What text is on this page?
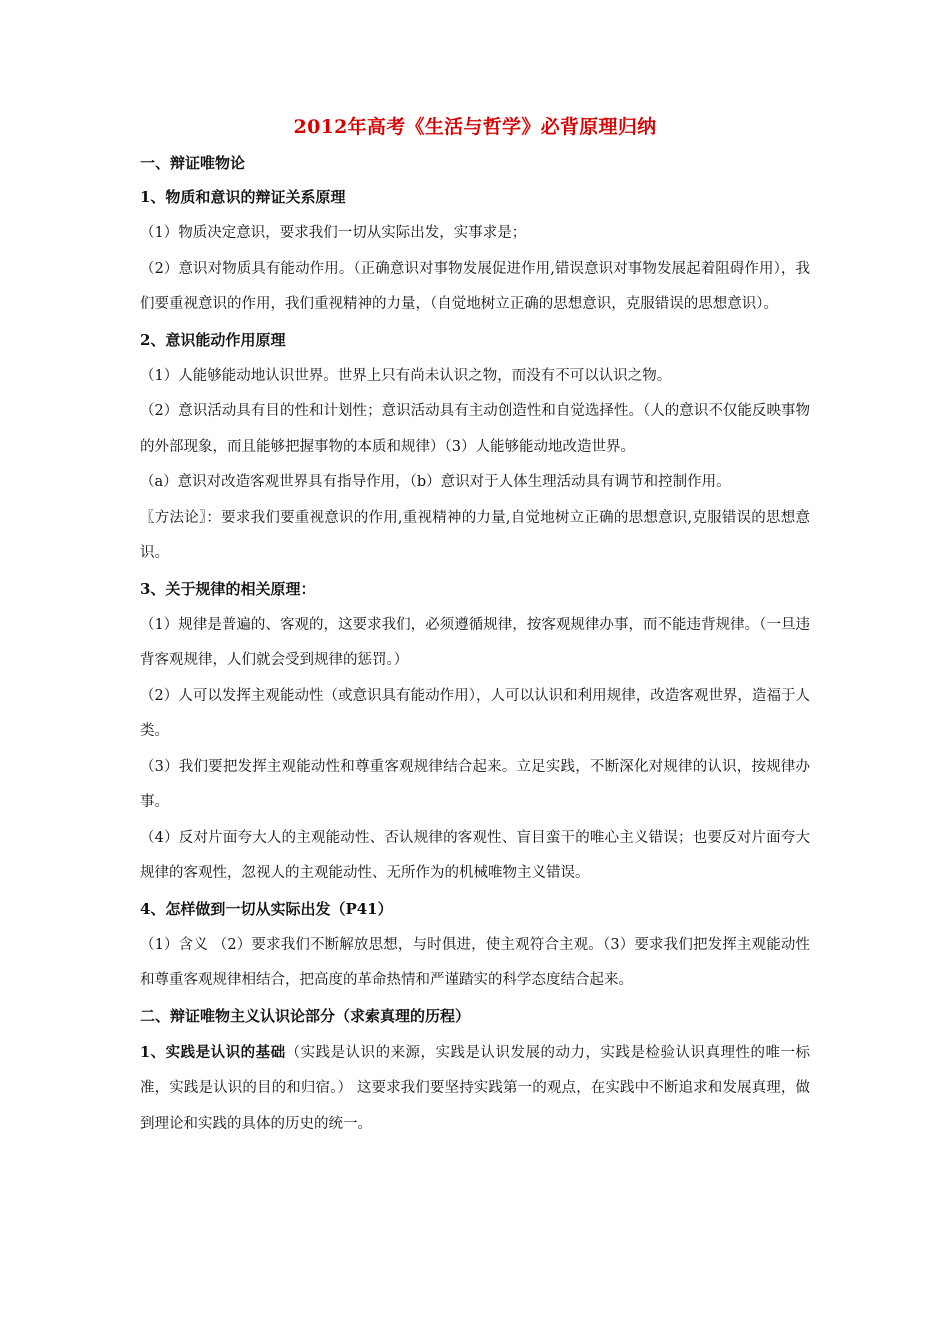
2012年高考《生活与哲学》必背原理归纳
一、辩证唯物论
1、物质和意识的辩证关系原理

（1）物质决定意识，要求我们一切从实际出发，实事求是；

（2）意识对物质具有能动作用。（正确意识对事物发展促进作用,错误意识对事物发展起着阻碍作用），我们要重视意识的作用，我们重视精神的力量，（自觉地树立正确的思想意识，克服错误的思想意识）。

2、意识能动作用原理

（1）人能够能动地认识世界。世界上只有尚未认识之物，而没有不可以认识之物。

（2）意识活动具有目的性和计划性；意识活动具有主动创造性和自觉选择性。（人的意识不仅能反映事物的外部现象，而且能够把握事物的本质和规律）（3）人能够能动地改造世界。

（a）意识对改造客观世界具有指导作用，（b）意识对于人体生理活动具有调节和控制作用。

〖方法论〗：要求我们要重视意识的作用,重视精神的力量,自觉地树立正确的思想意识,克服错误的思想意识。

3、关于规律的相关原理：

（1）规律是普遍的、客观的，这要求我们，必须遵循规律，按客观规律办事，而不能违背规律。（一旦违背客观规律，人们就会受到规律的惩罚。）

（2）人可以发挥主观能动性（或意识具有能动作用），人可以认识和利用规律，改造客观世界，造福于人类。

（3）我们要把发挥主观能动性和尊重客观规律结合起来。立足实践，不断深化对规律的认识，按规律办事。

（4）反对片面夸大人的主观能动性、否认规律的客观性、盲目蛮干的唯心主义错误；也要反对片面夸大规律的客观性，忽视人的主观能动性、无所作为的机械唯物主义错误。

4、怎样做到一切从实际出发（P41）

（1）含义 （2）要求我们不断解放思想，与时俱进，使主观符合主观。（3）要求我们把发挥主观能动性和尊重客观规律相结合，把高度的革命热情和严谨踏实的科学态度结合起来。

二、辩证唯物主义认识论部分（求索真理的历程）

1、实践是认识的基础（实践是认识的来源，实践是认识发展的动力，实践是检验认识真理性的唯一标准，实践是认识的目的和归宿。） 这要求我们要坚持实践第一的观点，在实践中不断追求和发展真理，做到理论和实践的具体的历史的统一。
